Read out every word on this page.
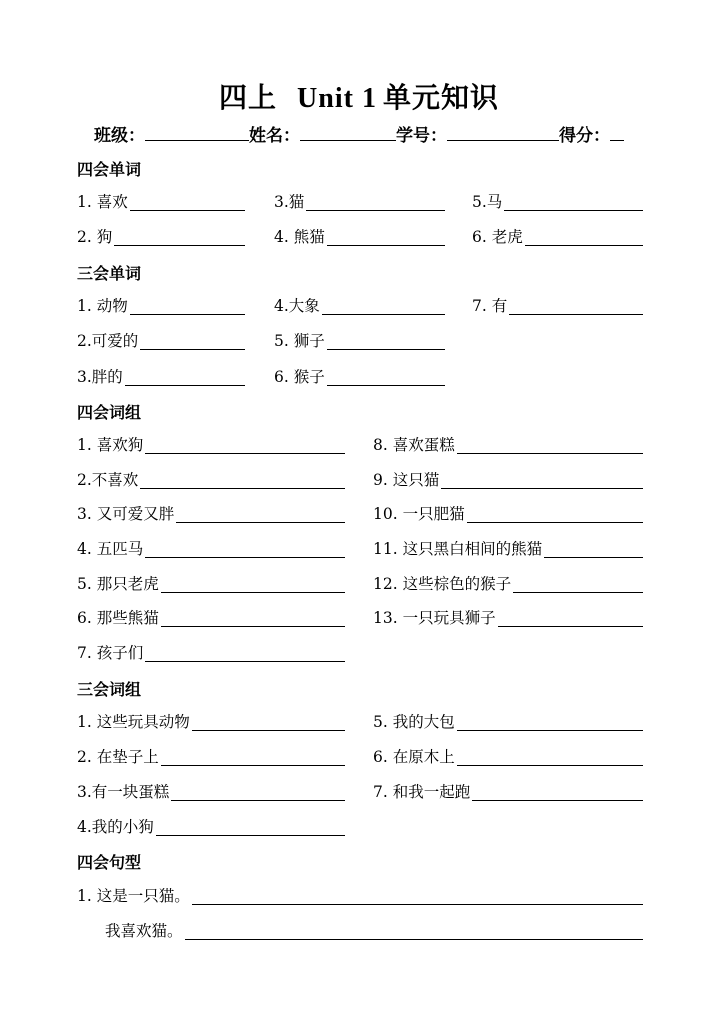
四上 Unit 1 单元知识
班级：	姓名：	学号：	得分：
四会单词
三会单词
四会词组
三会词组
四会句型
1. 喜欢	3.猫	5.马
2. 狗	4. 熊猫	6. 老虎
1. 动物	4.大象	7. 有
2.可爱的	5. 狮子
3.胖的	6. 猴子
1. 喜欢狗	8. 喜欢蛋糕
2.不喜欢	9. 这只猫
3. 又可爱又胖	10. 一只肥猫
4. 五匹马	11. 这只黑白相间的熊猫
5. 那只老虎	12. 这些棕色的猴子
6. 那些熊猫	13. 一只玩具狮子
7. 孩子们
1. 这些玩具动物	5. 我的大包
2. 在垫子上	6. 在原木上
3.有一块蛋糕	7. 和我一起跑
4.我的小狗
1. 这是一只猫。
我喜欢猫。
